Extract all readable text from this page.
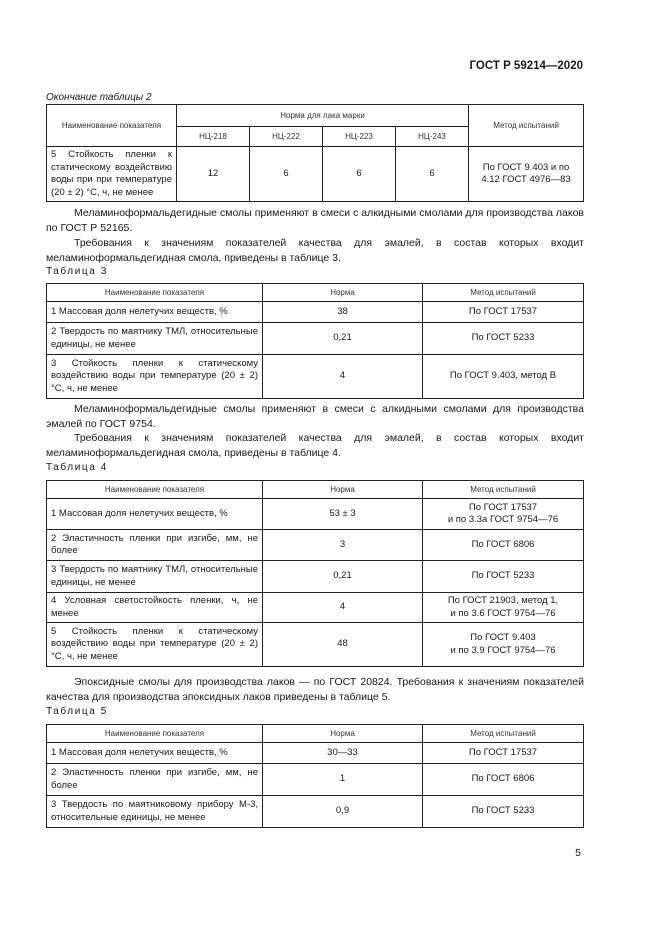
ГОСТ Р 59214—2020
Окончание таблицы 2
Наименование показателя	Норма для лака марки				Метод испытаний
	НЦ-218	НЦ-222	НЦ-223	НЦ-243	
5 Стойкость пленки к статическому воздействию воды при при температуре (20 ± 2) °С, ч, не менее	12	6	6	6	По ГОСТ 9.403 и по 4.12 ГОСТ 4976—83
Меламиноформальдегидные смолы применяют в смеси с алкидными смолами для производства лаков по ГОСТ Р 52165.
Требования к значениям показателей качества для эмалей, в состав которых входит меламиноформальдегидная смола, приведены в таблице 3.
Таблица 3
Наименование показателя	Норма	Метод испытаний
1 Массовая доля нелетучих веществ, %	38	По ГОСТ 17537
2 Твердость по маятнику ТМЛ, относительные единицы, не менее	0,21	По ГОСТ 5233
3 Стойкость пленки к статическому воздействию воды при температуре (20 ± 2) °С, ч, не менее	4	По ГОСТ 9.403, метод В
Меламиноформальдегидные смолы применяют в смеси с алкидными смолами для производства эмалей по ГОСТ 9754.
Требования к значениям показателей качества для эмалей, в состав которых входит меламиноформальдегидная смола, приведены в таблице 4.
Таблица 4
Наименование показателя	Норма	Метод испытаний
1 Массовая доля нелетучих веществ, %	53 ± 3	По ГОСТ 17537
и по 3.3а ГОСТ 9754—76

2 Эластичность пленки при изгибе, мм, не более	3	По ГОСТ 6806

3 Твердость по маятнику ТМЛ, относительные единицы, не менее	0,21	По ГОСТ 5233

4 Условная светостойкость пленки, ч, не менее	4	По ГОСТ 21903, метод 1,
и по 3.6 ГОСТ 9754—76

5 Стойкость пленки к статическому воздействию воды при температуре (20 ± 2) °С, ч, не менее	48	По ГОСТ 9.403
и по 3.9 ГОСТ 9754—76
Эпоксидные смолы для производства лаков — по ГОСТ 20824. Требования к значениям показателей качества для производства эпоксидных лаков приведены в таблице 5.
Таблица 5
Наименование показателя	Норма	Метод испытаний
1 Массовая доля нелетучих веществ, %	30—33	По ГОСТ 17537
2 Эластичность пленки при изгибе, мм, не более	1	По ГОСТ 6806
3 Твердость по маятниковому прибору М-3, относительные единицы, не менее	0,9	По ГОСТ 5233
5
